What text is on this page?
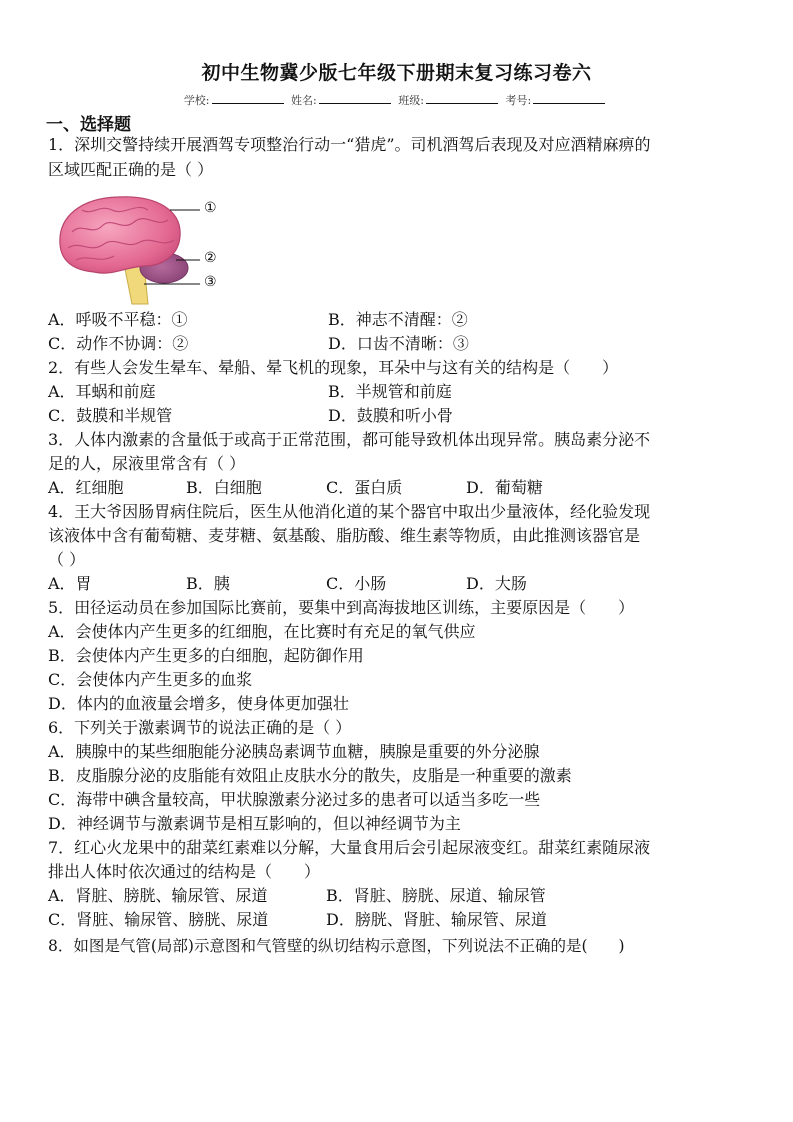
初中生物冀少版七年级下册期末复习练习卷六
学校:	姓名:	班级:	考号:
一、选择题
1．深圳交警持续开展酒驾专项整治行动一“猎虎”。司机酒驾后表现及对应酒精麻痹的
区域匹配正确的是（ ）
①
②
③
A．呼吸不平稳：①	B．神志不清醒：②
C．动作不协调：②	D．口齿不清晰：③
2．有些人会发生晕车、晕船、晕飞机的现象，耳朵中与这有关的结构是（　　）
A．耳蜗和前庭	B．半规管和前庭
C．鼓膜和半规管	D．鼓膜和听小骨
3．人体内激素的含量低于或高于正常范围，都可能导致机体出现异常。胰岛素分泌不
足的人，尿液里常含有（ ）
A．红细胞	B．白细胞	C．蛋白质	D．葡萄糖
4．王大爷因肠胃病住院后，医生从他消化道的某个器官中取出少量液体，经化验发现
该液体中含有葡萄糖、麦芽糖、氨基酸、脂肪酸、维生素等物质，由此推测该器官是
（ ）
A．胃	B．胰	C．小肠	D．大肠
5．田径运动员在参加国际比赛前，要集中到高海拔地区训练，主要原因是（　　）
A．会使体内产生更多的红细胞，在比赛时有充足的氧气供应
B．会使体内产生更多的白细胞，起防御作用
C．会使体内产生更多的血浆
D．体内的血液量会增多，使身体更加强壮
6．下列关于激素调节的说法正确的是（ ）
A．胰腺中的某些细胞能分泌胰岛素调节血糖，胰腺是重要的外分泌腺
B．皮脂腺分泌的皮脂能有效阻止皮肤水分的散失，皮脂是一种重要的激素
C．海带中碘含量较高，甲状腺激素分泌过多的患者可以适当多吃一些
D．神经调节与激素调节是相互影响的，但以神经调节为主
7．红心火龙果中的甜菜红素难以分解，大量食用后会引起尿液变红。甜菜红素随尿液
排出人体时依次通过的结构是（　　）
A．肾脏、膀胱、输尿管、尿道	B．肾脏、膀胱、尿道、输尿管
C．肾脏、输尿管、膀胱、尿道	D．膀胱、肾脏、输尿管、尿道
8．如图是气管(局部)示意图和气管壁的纵切结构示意图，下列说法不正确的是(　　)
